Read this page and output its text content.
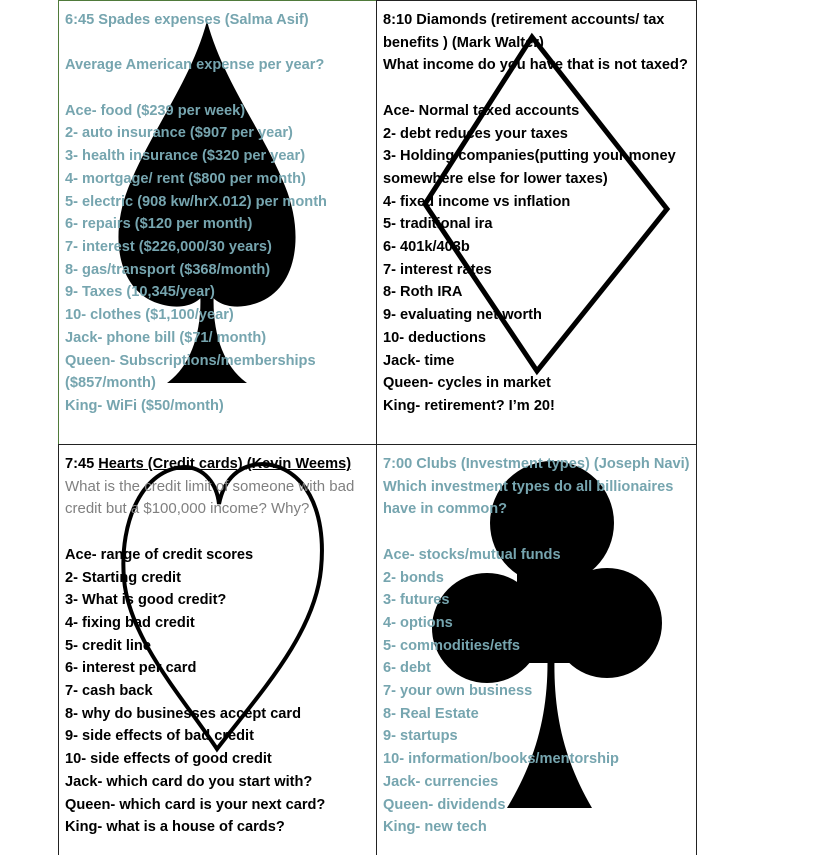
6:45 Spades expenses (Salma Asif)
Average American expense per year?
Ace- food ($239 per week)
2- auto insurance ($907 per year)
3- health insurance ($320 per year)
4- mortgage/ rent ($800 per month)
5- electric (908 kw/hrX.012) per month
6- repairs ($120 per month)
7- interest ($226,000/30 years)
8- gas/transport ($368/month)
9- Taxes (10,345/year)
10- clothes ($1,100/year)
Jack- phone bill ($71/ month)
Queen- Subscriptions/memberships ($857/month)
King- WiFi ($50/month)
8:10 Diamonds (retirement accounts/ tax benefits ) (Mark Walter)
What income do you have that is not taxed?
Ace- Normal taxed accounts
2- debt reduces your taxes
3- Holding companies(putting your money somewhere else for lower taxes)
4- fixed income vs inflation
5- traditional ira
6- 401k/403b
7- interest rates
8- Roth IRA
9- evaluating net worth
10- deductions
Jack- time
Queen- cycles in market
King- retirement? I’m 20!
7:45 Hearts (Credit cards) (Kevin Weems)
What is the credit limit of someone with bad credit but a $100,000 income? Why?
Ace- range of credit scores
2- Starting credit
3- What is good credit?
4- fixing bad credit
5- credit line
6- interest per card
7- cash back
8- why do businesses accept card
9- side effects of bad credit
10- side effects of good credit
Jack- which card do you start with?
Queen- which card is your next card?
King- what is a house of cards?
7:00 Clubs (Investment types) (Joseph Navi)
Which investment types do all billionaires have in common?
Ace- stocks/mutual funds
2- bonds
3- futures
4- options
5- commodities/etfs
6- debt
7- your own business
8- Real Estate
9- startups
10- information/books/mentorship
Jack- currencies
Queen- dividends
King- new tech
